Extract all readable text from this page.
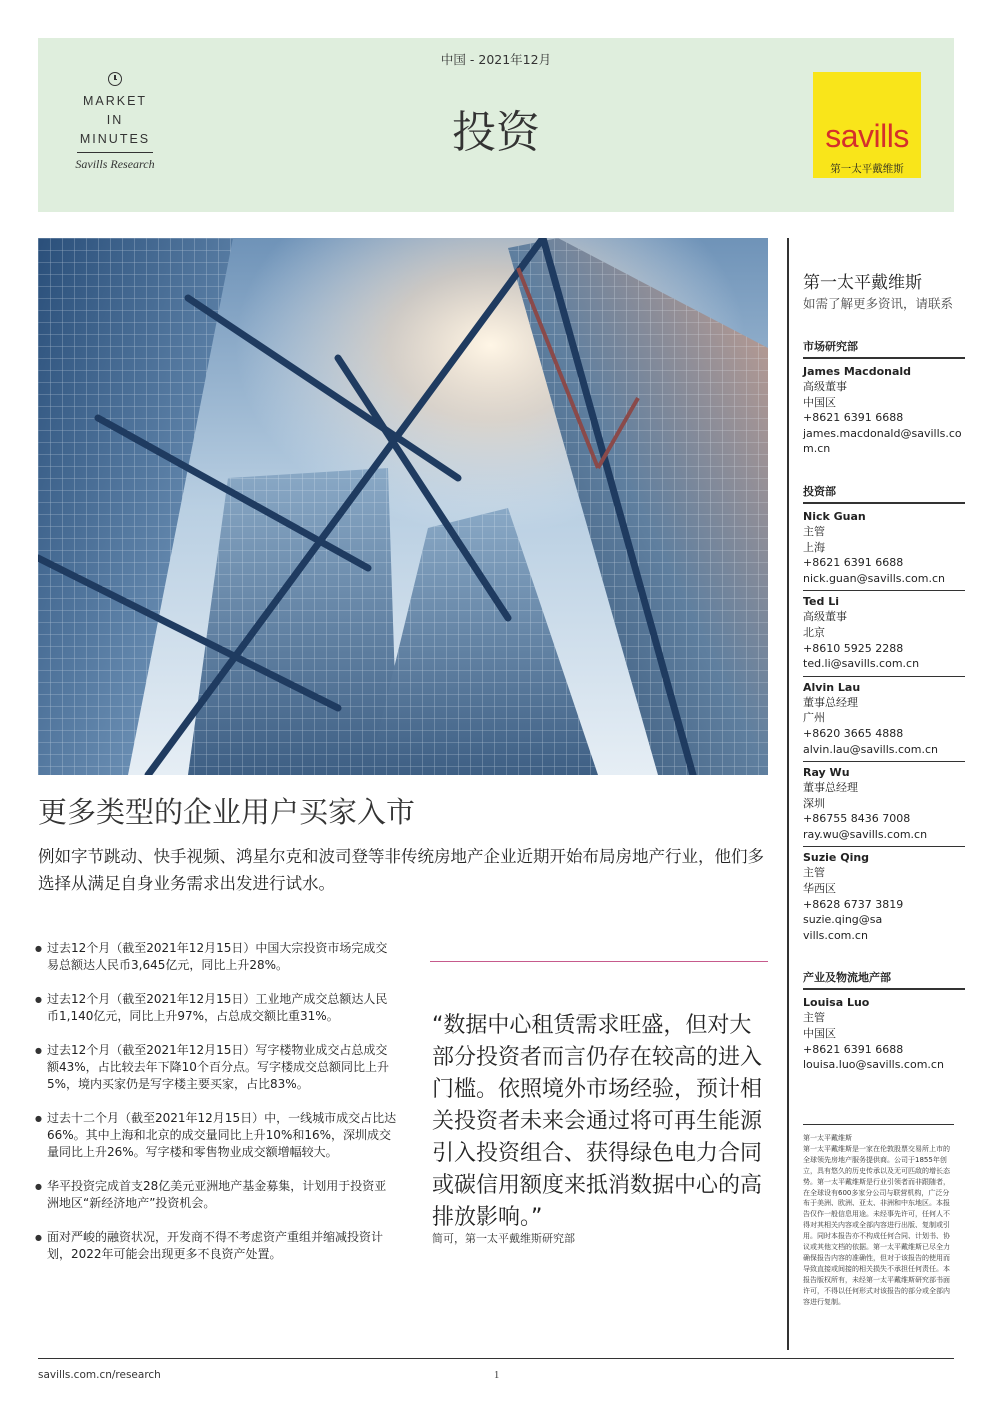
MARKET
IN
MINUTES
Savills Research
中国 - 2021年12月
投资	savills
第一太平戴维斯
更多类型的企业用户买家入市
例如字节跳动、快手视频、鸿星尔克和波司登等非传统房地产企业近期开始布局房地产行业，他们多选择从满足自身业务需求出发进行试水。
● 过去12个月（截至2021年12月15日）中国大宗投资市场完成交易总额达人民币3,645亿元，同比上升28%。
● 过去12个月（截至2021年12月15日）工业地产成交总额达人民币1,140亿元，同比上升97%，占总成交额比重31%。
● 过去12个月（截至2021年12月15日）写字楼物业成交占总成交额43%，占比较去年下降10个百分点。写字楼成交总额同比上升5%，境内买家仍是写字楼主要买家，占比83%。
● 过去十二个月（截至2021年12月15日）中，一线城市成交占比达66%。其中上海和北京的成交量同比上升10%和16%，深圳成交量同比上升26%。写字楼和零售物业成交额增幅较大。
● 华平投资完成首支28亿美元亚洲地产基金募集，计划用于投资亚洲地区“新经济地产”投资机会。
● 面对严峻的融资状况，开发商不得不考虑资产重组并缩减投资计划，2022年可能会出现更多不良资产处置。
“数据中心租赁需求旺盛，但对大部分投资者而言仍存在较高的进入门槛。依照境外市场经验，预计相关投资者未来会通过将可再生能源引入投资组合、获得绿色电力合同或碳信用额度来抵消数据中心的高排放影响。”
简可，第一太平戴维斯研究部
第一太平戴维斯
如需了解更多资讯，请联系
市场研究部
James Macdonald
高级董事
中国区
+8621 6391 6688
james.macdonald@savills.com.cn
投资部
Nick Guan
主管
上海
+8621 6391 6688
nick.guan@savills.com.cn
Ted Li
高级董事
北京
+8610 5925 2288
ted.li@savills.com.cn
Alvin Lau
董事总经理
广州
+8620 3665 4888
alvin.lau@savills.com.cn
Ray Wu
董事总经理
深圳
+86755 8436 7008
ray.wu@savills.com.cn
Suzie Qing
主管
华西区
+8628 6737 3819
suzie.qing@savills.com.cn
产业及物流地产部
Louisa Luo
主管
中国区
+8621 6391 6688
louisa.luo@savills.com.cn
第一太平戴维斯
第一太平戴维斯是一家在伦敦股票交易所上市的全球领先房地产服务提供商。公司于1855年创立，具有悠久的历史传承以及无可匹敌的增长态势。第一太平戴维斯是行业引领者而非跟随者，在全球设有600多家分公司与联营机构，广泛分布于美洲、欧洲、亚太、非洲和中东地区。本报告仅作一般信息用途。未经事先许可，任何人不得对其相关内容或全部内容进行出版、复制或引用。同时本报告亦不构成任何合同、计划书、协议或其他文档的依据。第一太平戴维斯已尽全力确保报告内容的准确性，但对于该报告的使用而导致直接或间接的相关损失不承担任何责任。本报告版权所有，未经第一太平戴维斯研究部书面许可，不得以任何形式对该报告的部分或全部内容进行复制。
savills.com.cn/research	1
